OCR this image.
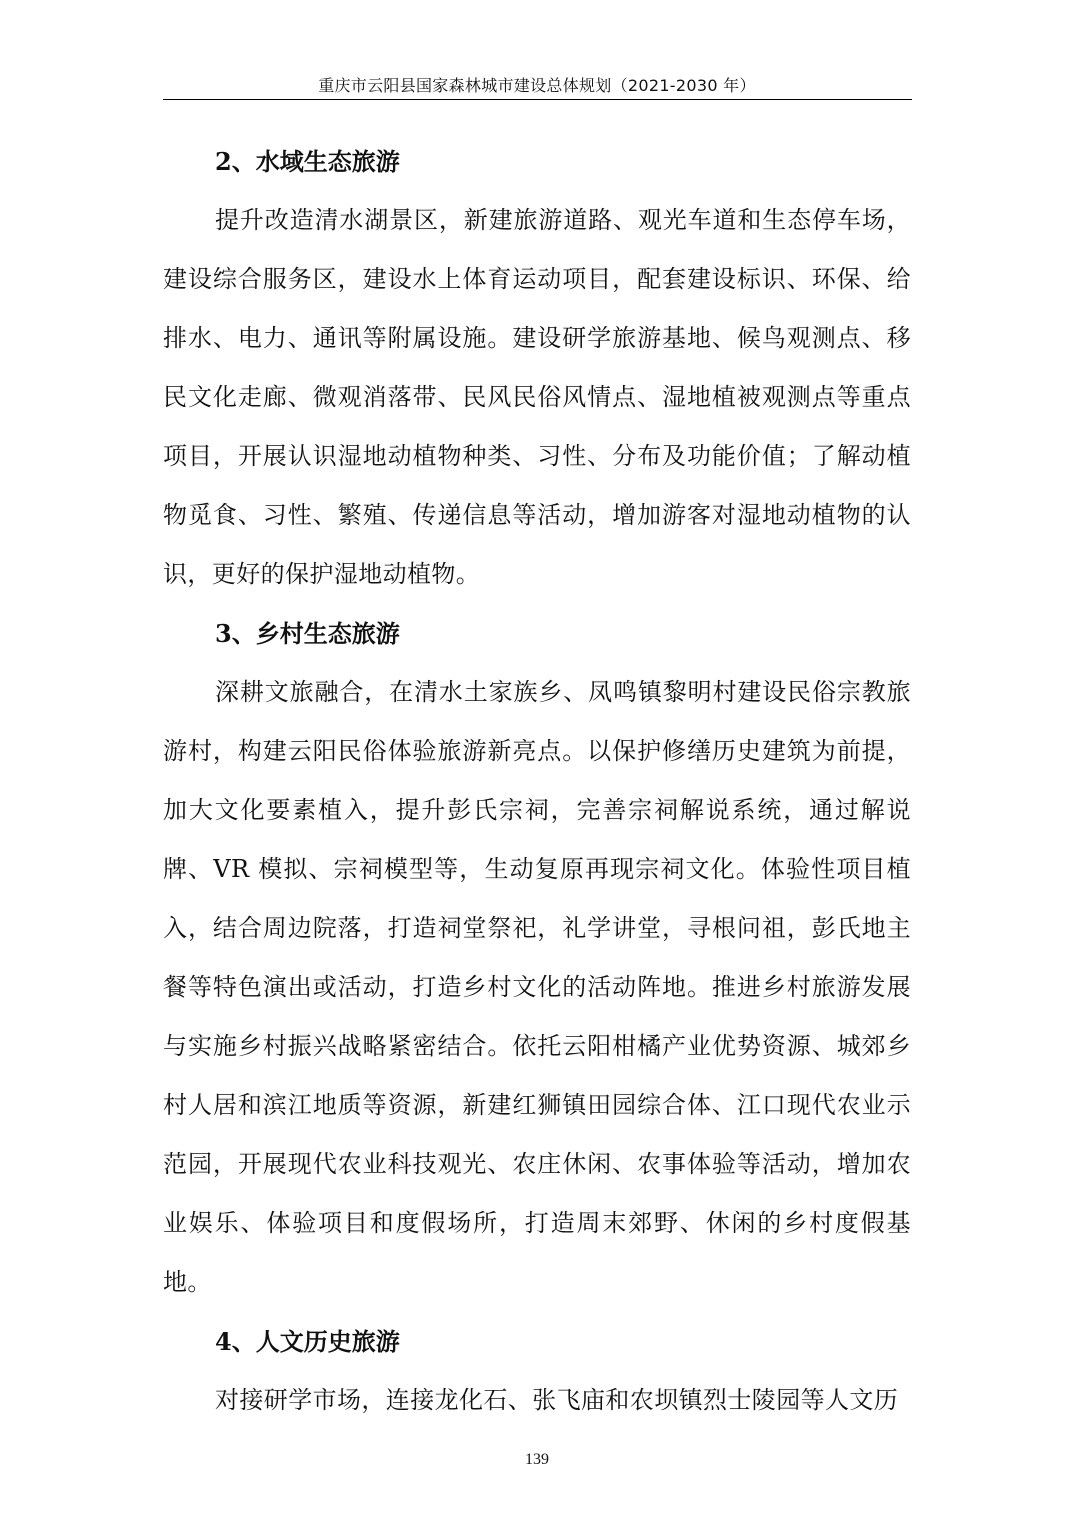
重庆市云阳县国家森林城市建设总体规划（2021-2030 年）
2、水域生态旅游

提升改造清水湖景区，新建旅游道路、观光车道和生态停车场，建设综合服务区，建设水上体育运动项目，配套建设标识、环保、给排水、电力、通讯等附属设施。建设研学旅游基地、候鸟观测点、移民文化走廊、微观消落带、民风民俗风情点、湿地植被观测点等重点项目，开展认识湿地动植物种类、习性、分布及功能价值；了解动植物觅食、习性、繁殖、传递信息等活动，增加游客对湿地动植物的认识，更好的保护湿地动植物。

3、乡村生态旅游

深耕文旅融合，在清水土家族乡、凤鸣镇黎明村建设民俗宗教旅游村，构建云阳民俗体验旅游新亮点。以保护修缮历史建筑为前提，加大文化要素植入，提升彭氏宗祠，完善宗祠解说系统，通过解说牌、VR 模拟、宗祠模型等，生动复原再现宗祠文化。体验性项目植入，结合周边院落，打造祠堂祭祀，礼学讲堂，寻根问祖，彭氏地主餐等特色演出或活动，打造乡村文化的活动阵地。推进乡村旅游发展与实施乡村振兴战略紧密结合。依托云阳柑橘产业优势资源、城郊乡村人居和滨江地质等资源，新建红狮镇田园综合体、江口现代农业示范园，开展现代农业科技观光、农庄休闲、农事体验等活动，增加农业娱乐、体验项目和度假场所，打造周末郊野、休闲的乡村度假基地。

4、人文历史旅游

对接研学市场，连接龙化石、张飞庙和农坝镇烈士陵园等人文历

139
